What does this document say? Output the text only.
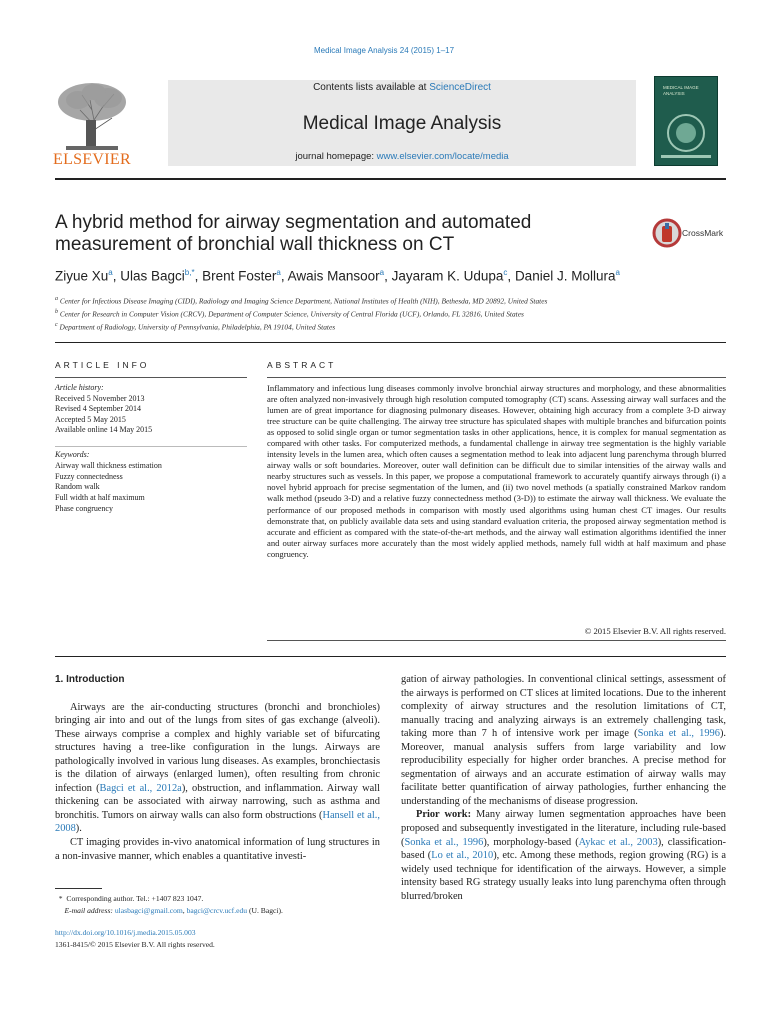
Medical Image Analysis 24 (2015) 1–17
ELSEVIER
Contents lists available at ScienceDirect
Medical Image Analysis
journal homepage: www.elsevier.com/locate/media
MEDICAL IMAGE ANALYSIS
A hybrid method for airway segmentation and automated measurement of bronchial wall thickness on CT
CrossMark
Ziyue Xu$^a$, Ulas Bagci$^{b,*}$, Brent Foster$^a$, Awais Mansoor$^a$, Jayaram K. Udupa$^c$, Daniel J. Mollura$^a$
$^a$ Center for Infectious Disease Imaging (CIDI), Radiology and Imaging Science Department, National Institutes of Health (NIH), Bethesda, MD 20892, United States
$^b$ Center for Research in Computer Vision (CRCV), Department of Computer Science, University of Central Florida (UCF), Orlando, FL 32816, United States
$^c$ Department of Radiology, University of Pennsylvania, Philadelphia, PA 19104, United States
ARTICLE INFO
Article history:
Received 5 November 2013
Revised 4 September 2014
Accepted 5 May 2015
Available online 14 May 2015
Keywords:
Airway wall thickness estimation
Fuzzy connectedness
Random walk
Full width at half maximum
Phase congruency
ABSTRACT
Inflammatory and infectious lung diseases commonly involve bronchial airway structures and morphology, and these abnormalities are often analyzed non-invasively through high resolution computed tomography (CT) scans. Assessing airway wall surfaces and the lumen are of great importance for diagnosing pulmonary diseases. However, obtaining high accuracy from a complete 3-D airway tree structure can be quite challenging. The airway tree structure has spiculated shapes with multiple branches and bifurcation points as opposed to solid single organ or tumor segmentation tasks in other applications, hence, it is complex for manual segmentation as compared with other tasks. For computerized methods, a fundamental challenge in airway tree segmentation is the highly variable intensity levels in the lumen area, which often causes a segmentation method to leak into adjacent lung parenchyma through blurred airway walls or soft boundaries. Moreover, outer wall definition can be difficult due to similar intensities of the airway walls and nearby structures such as vessels. In this paper, we propose a computational framework to accurately quantify airways through (i) a novel hybrid approach for precise segmentation of the lumen, and (ii) two novel methods (a spatially constrained Markov random walk method (pseudo 3-D) and a relative fuzzy connectedness method (3-D)) to estimate the airway wall thickness. We evaluate the performance of our proposed methods in comparison with mostly used algorithms using human chest CT images. Our results demonstrate that, on publicly available data sets and using standard evaluation criteria, the proposed airway segmentation method is accurate and efficient as compared with the state-of-the-art methods, and the airway wall estimation algorithms identified the inner and outer airway surfaces more accurately than the most widely applied methods, namely full width at half maximum and phase congruency.
© 2015 Elsevier B.V. All rights reserved.
1. Introduction

Airways are the air-conducting structures (bronchi and bronchioles) bringing air into and out of the lungs from sites of gas exchange (alveoli). These airways comprise a complex and highly variable set of bifurcating structures having a tree-like configuration in the lungs. Airways are pathologically involved in various lung diseases. As examples, bronchiectasis is the dilation of airways (enlarged lumen), often resulting from chronic infection (Bagci et al., 2012a), obstruction, and inflammation. Airway wall thickening can be associated with airway narrowing, such as asthma and bronchitis. Tumors on airway walls can also form obstructions (Hansell et al., 2008).

CT imaging provides in-vivo anatomical information of lung structures in a non-invasive manner, which enables a quantitative investi-

gation of airway pathologies. In conventional clinical settings, assessment of the airways is performed on CT slices at limited locations. Due to the inherent complexity of airway structures and the resolution limitations of CT, manually tracing and analyzing airways is an extremely challenging task, taking more than 7 h of intensive work per image (Sonka et al., 1996). Moreover, manual analysis suffers from large variability and low reproducibility especially for higher order branches. A precise method for segmentation of airways and an accurate estimation of airway walls may facilitate better quantification of airway pathologies, further enhancing the understanding of the mechanisms of disease progression.

Prior work: Many airway lumen segmentation approaches have been proposed and subsequently investigated in the literature, including rule-based (Sonka et al., 1996), morphology-based (Aykac et al., 2003), classification-based (Lo et al., 2010), etc. Among these methods, region growing (RG) is a widely used technique for identification of the airways. However, a simple intensity based RG strategy usually leaks into lung parenchyma often through blurred/broken

* Corresponding author. Tel.: +1407 823 1047.
E-mail address: ulasbagci@gmail.com, bagci@crcv.ucf.edu (U. Bagci).
http://dx.doi.org/10.1016/j.media.2015.05.003
1361-8415/© 2015 Elsevier B.V. All rights reserved.
